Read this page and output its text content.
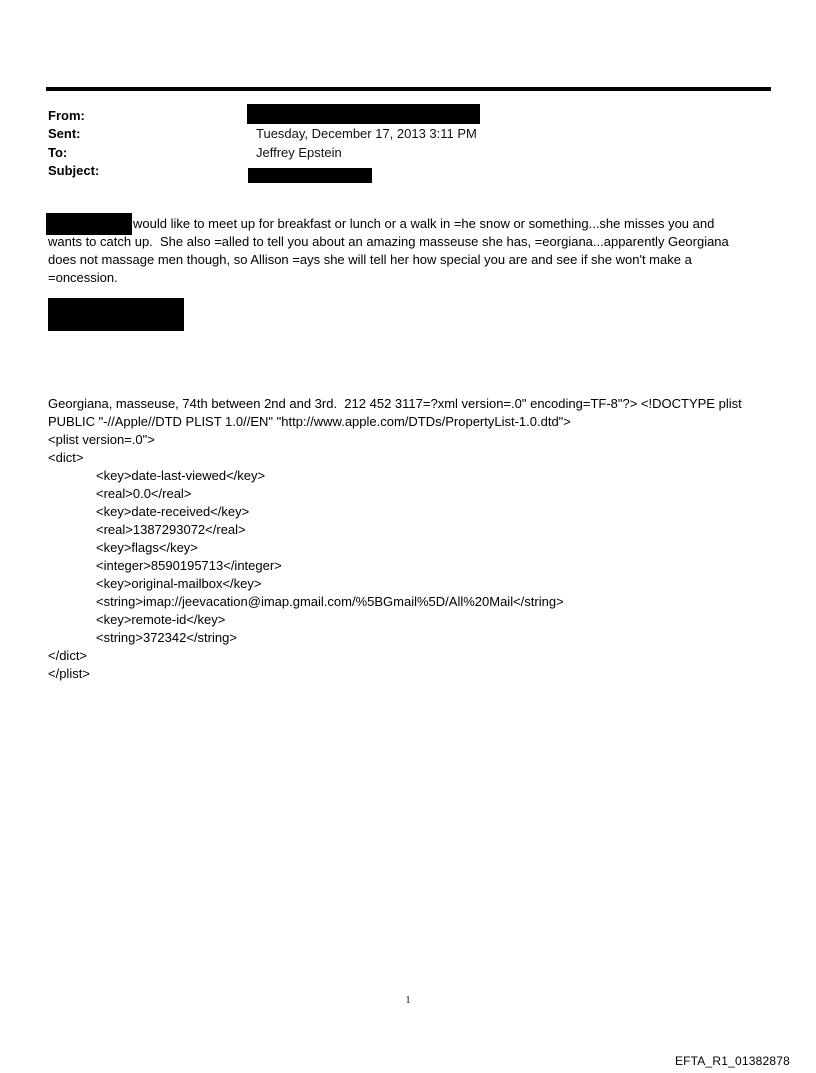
From:
Sent:	Tuesday, December 17, 2013 3:11 PM
To:	Jeffrey Epstein
Subject:
would like to meet up for breakfast or lunch or a walk in =he snow or something...she misses you and
wants to catch up.  She also =alled to tell you about an amazing masseuse she has, =eorgiana...apparently Georgiana
does not massage men though, so Allison =ays she will tell her how special you are and see if she won't make a
=oncession.
Georgiana, masseuse, 74th between 2nd and 3rd.  212 452 3117=?xml version=.0" encoding=TF-8"?> <!DOCTYPE plist
PUBLIC "-//Apple//DTD PLIST 1.0//EN" "http://www.apple.com/DTDs/PropertyList-1.0.dtd">
<plist version=.0">
<dict>
<key>date-last-viewed</key>
<real>0.0</real>
<key>date-received</key>
<real>1387293072</real>
<key>flags</key>
<integer>8590195713</integer>
<key>original-mailbox</key>
<string>imap://jeevacation@imap.gmail.com/%5BGmail%5D/All%20Mail</string>
<key>remote-id</key>
<string>372342</string>
</dict>
</plist>
1
EFTA_R1_01382878
